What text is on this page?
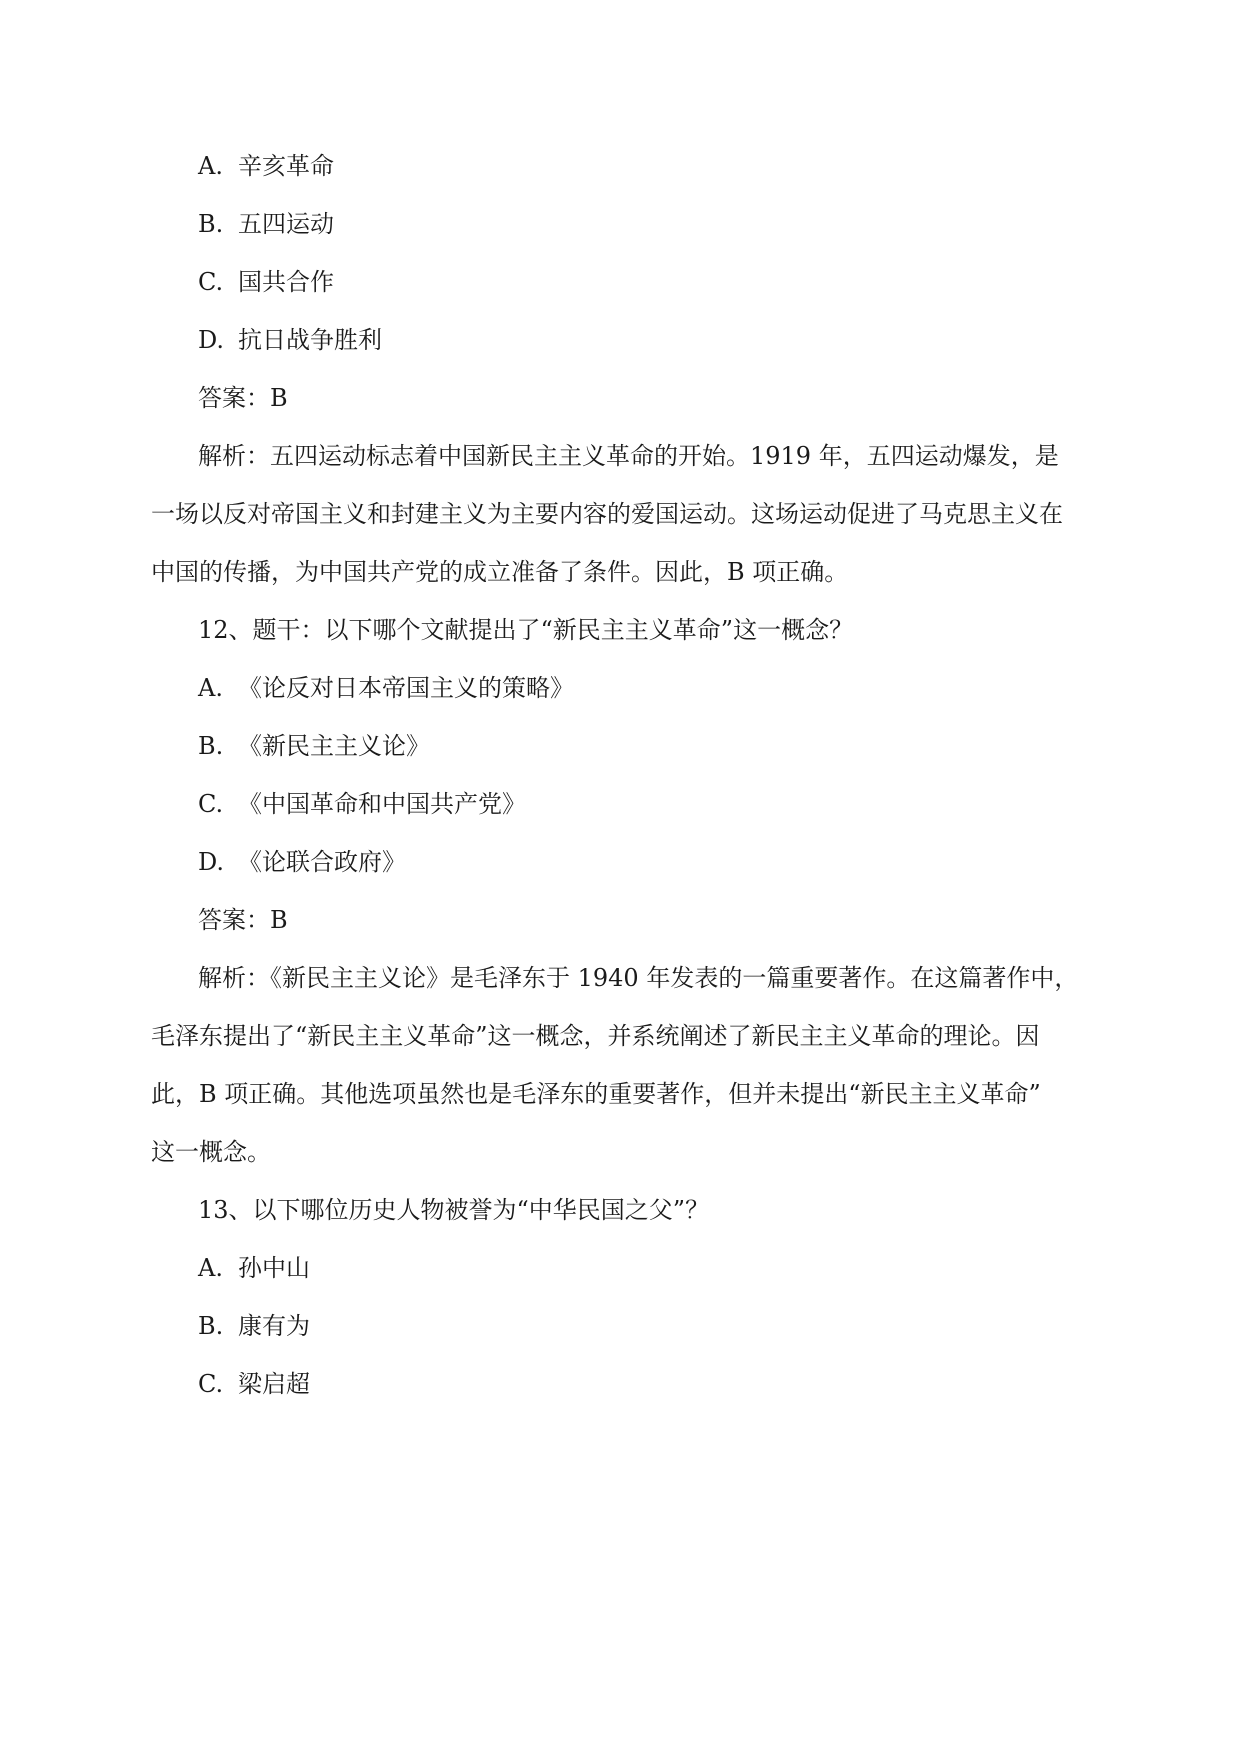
A. 辛亥革命
B. 五四运动
C. 国共合作
D. 抗日战争胜利
答案：B
解析：五四运动标志着中国新民主主义革命的开始。1919 年，五四运动爆发，是
一场以反对帝国主义和封建主义为主要内容的爱国运动。这场运动促进了马克思主义在
中国的传播，为中国共产党的成立准备了条件。因此，B 项正确。
12、题干：以下哪个文献提出了“新民主主义革命”这一概念？
A. 《论反对日本帝国主义的策略》
B. 《新民主主义论》
C. 《中国革命和中国共产党》
D. 《论联合政府》
答案：B
解析：《新民主主义论》是毛泽东于 1940 年发表的一篇重要著作。在这篇著作中，
毛泽东提出了“新民主主义革命”这一概念，并系统阐述了新民主主义革命的理论。因
此，B 项正确。其他选项虽然也是毛泽东的重要著作，但并未提出“新民主主义革命”
这一概念。
13、以下哪位历史人物被誉为“中华民国之父”？
A. 孙中山
B. 康有为
C. 梁启超
